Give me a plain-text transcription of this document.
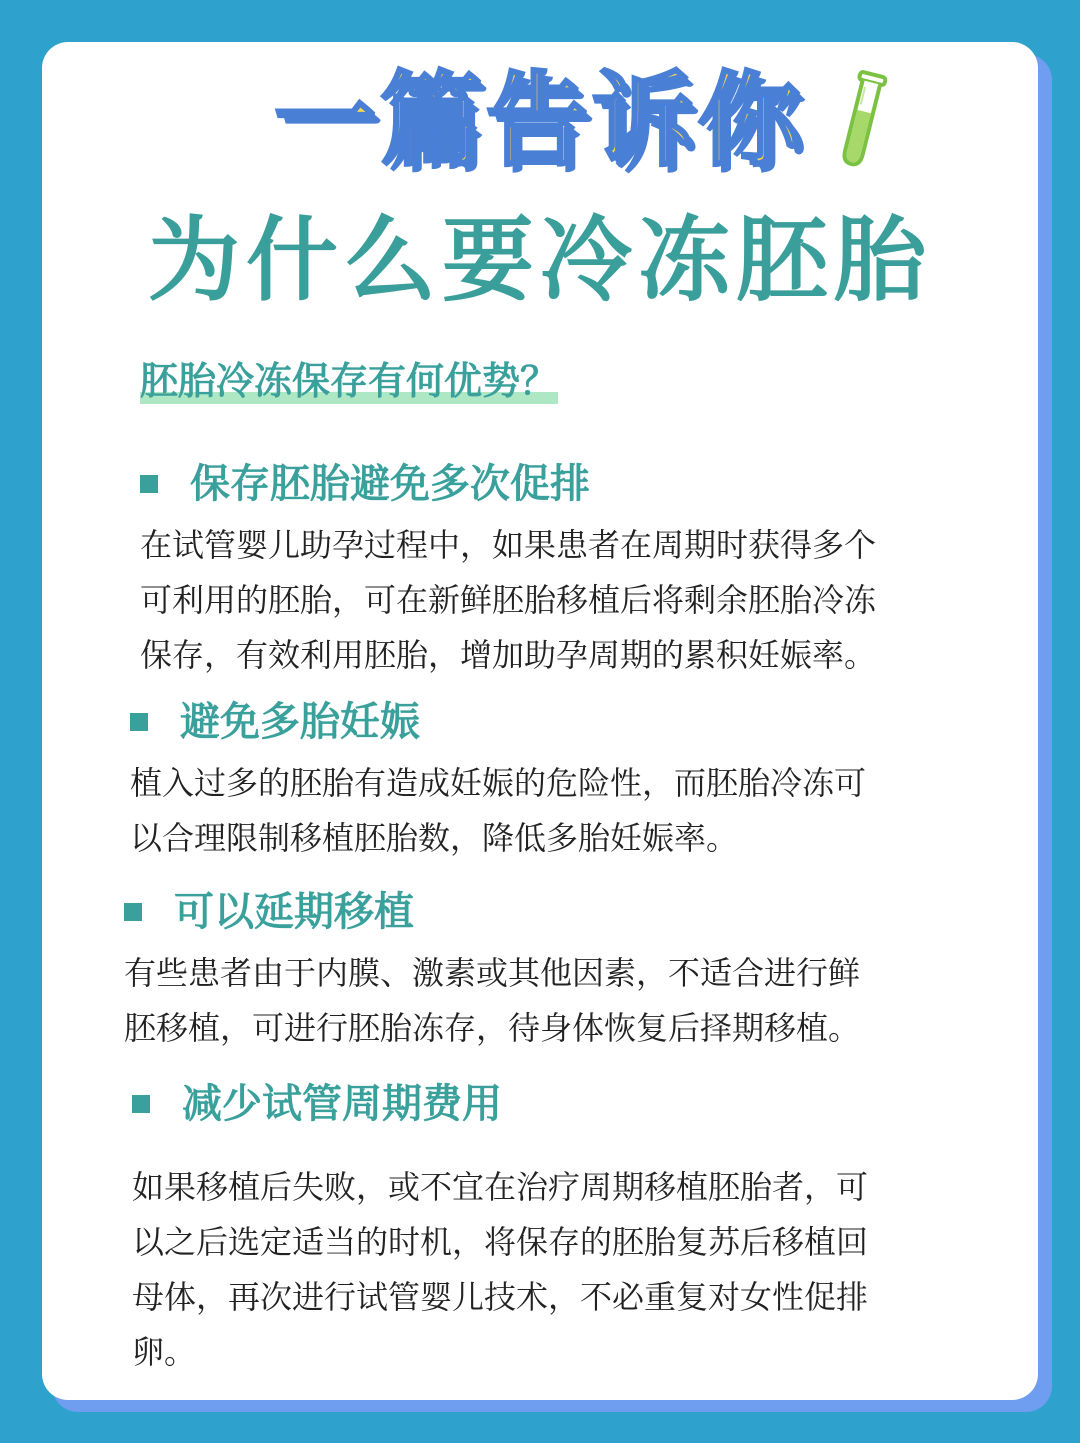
一篇告诉你
为什么要冷冻胚胎
胚胎冷冻保存有何优势？
保存胚胎避免多次促排
在试管婴儿助孕过程中，如果患者在周期时获得多个
可利用的胚胎，可在新鲜胚胎移植后将剩余胚胎冷冻
保存，有效利用胚胎，增加助孕周期的累积妊娠率。
避免多胎妊娠
植入过多的胚胎有造成妊娠的危险性，而胚胎冷冻可
以合理限制移植胚胎数，降低多胎妊娠率。
可以延期移植
有些患者由于内膜、激素或其他因素，不适合进行鲜
胚移植，可进行胚胎冻存，待身体恢复后择期移植。
减少试管周期费用
如果移植后失败，或不宜在治疗周期移植胚胎者，可
以之后选定适当的时机，将保存的胚胎复苏后移植回
母体，再次进行试管婴儿技术，不必重复对女性促排
卵。
